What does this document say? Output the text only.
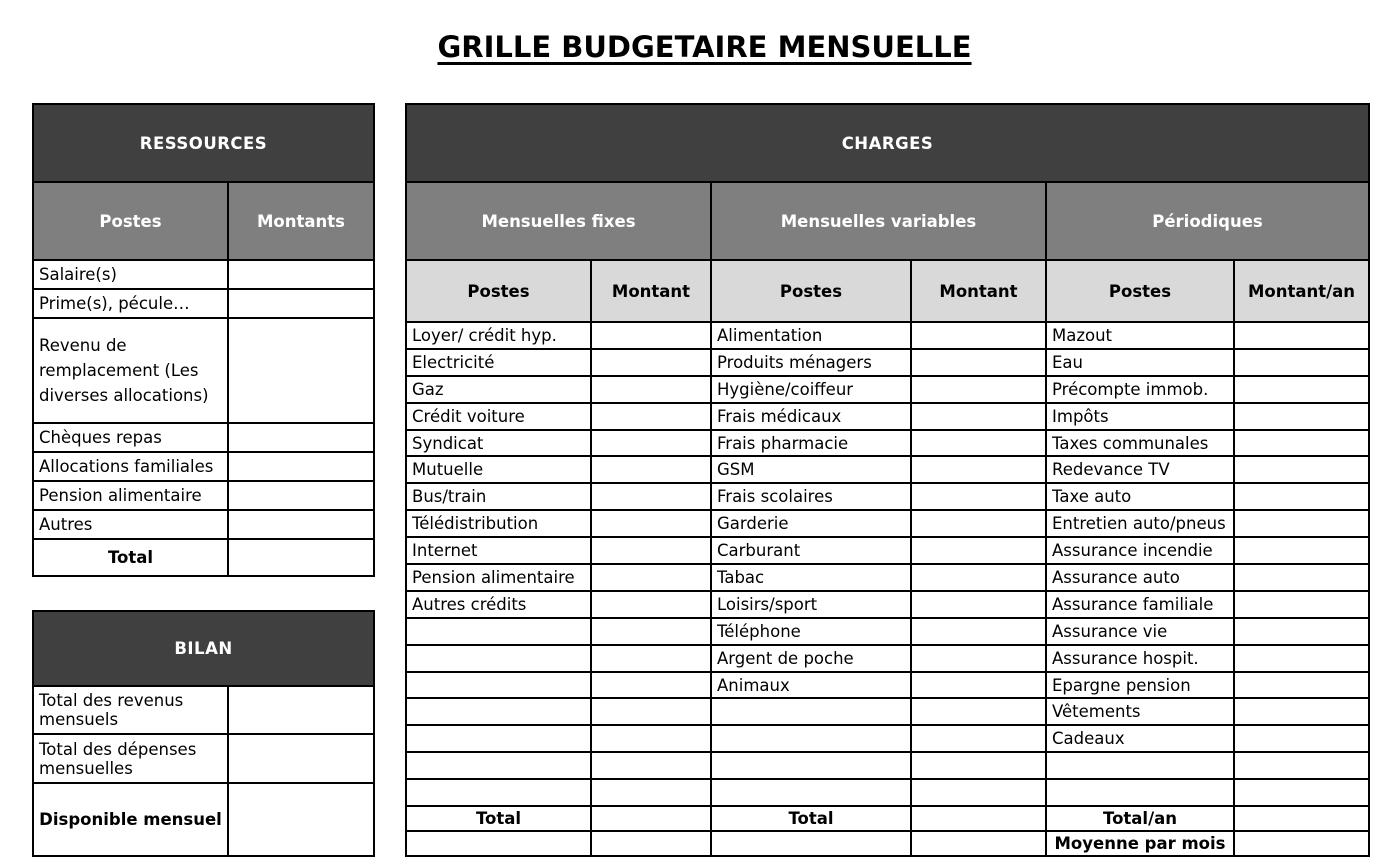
GRILLE BUDGETAIRE MENSUELLE
RESSOURCES	
Postes	Montants
Salaire(s)	
Prime(s), pécule…	
Revenu de remplacement (Les diverses allocations)	
Chèques repas	
Allocations familiales	
Pension alimentaire	
Autres	
Total	
BILAN	
Total des revenus mensuels	
Total des dépenses mensuelles	
Disponible mensuel	
CHARGES					
Mensuelles fixes		Mensuelles variables		Périodiques	
Postes	Montant	Postes	Montant	Postes	Montant/an
Loyer/ crédit hyp.		Alimentation		Mazout	
Electricité		Produits ménagers		Eau	
Gaz		Hygiène/coiffeur		Précompte immob.	
Crédit voiture		Frais médicaux		Impôts	
Syndicat		Frais pharmacie		Taxes communales	
Mutuelle		GSM		Redevance TV	
Bus/train		Frais scolaires		Taxe auto	
Télédistribution		Garderie		Entretien auto/pneus	
Internet		Carburant		Assurance incendie	
Pension alimentaire		Tabac		Assurance auto	
Autres crédits		Loisirs/sport		Assurance familiale	
		Téléphone		Assurance vie	
		Argent de poche		Assurance hospit.	
		Animaux		Epargne pension	
				Vêtements	
				Cadeaux	

Total		Total		Total/an	
				Moyenne par mois	
